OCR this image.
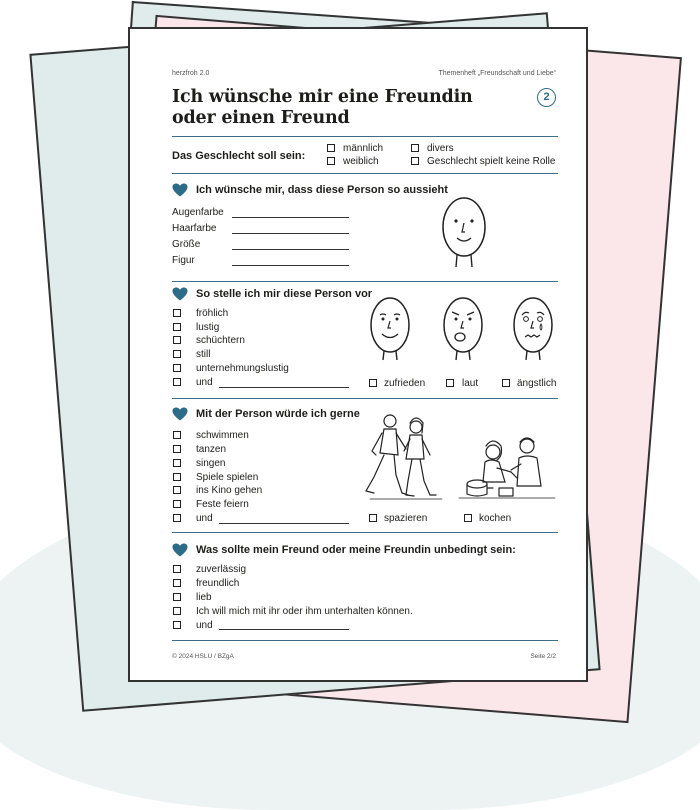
herzfroh 2.0	Themenheft „Freundschaft und Liebe“
Ich wünsche mir eine Freundin
oder einen Freund
2
Das Geschlecht soll sein:
männlich
weiblich
divers
Geschlecht spielt keine Rolle
Ich wünsche mir, dass diese Person so aussieht
Augenfarbe
Haarfarbe
Größe
Figur
So stelle ich mir diese Person vor
fröhlich
lustig
schüchtern
still
unternehmungslustig
und	zufrieden	laut	ängstlich
Mit der Person würde ich gerne
schwimmen
tanzen
singen
Spiele spielen
ins Kino gehen
Feste feiern
und	spazieren	kochen
Was sollte mein Freund oder meine Freundin unbedingt sein:
zuverlässig
freundlich
lieb
Ich will mich mit ihr oder ihm unterhalten können.
und
© 2024 HSLU / BZgA	Seite 2/2
